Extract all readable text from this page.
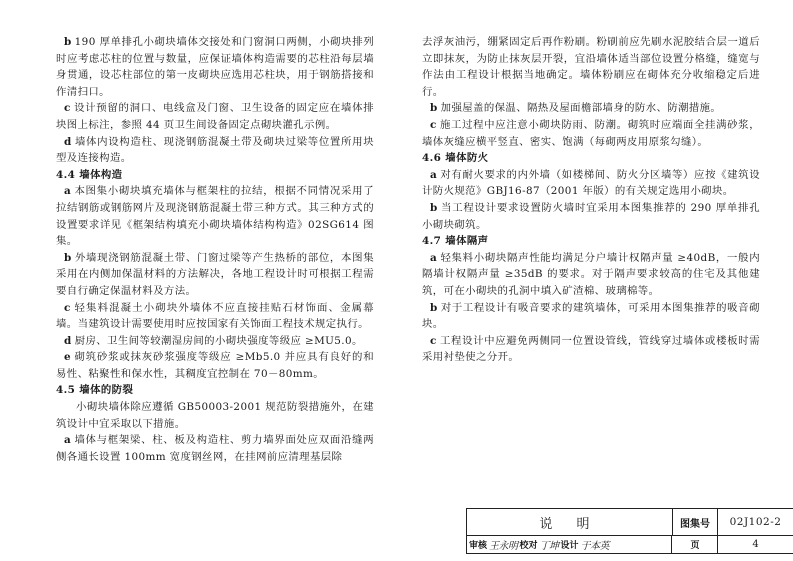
b 190 厚单排孔小砌块墙体交接处和门窗洞口两侧，小砌块排列时应考虑芯柱的位置与数量，应保证墙体构造需要的芯柱沿每层墙身贯通，设芯柱部位的第一皮砌块应选用芯柱块，用于钢筋搭接和作清扫口。

c 设计预留的洞口、电线盒及门窗、卫生设备的固定应在墙体排块图上标注，参照 44 页卫生间设备固定点砌块灌孔示例。

d 墙体内设构造柱、现浇钢筋混凝土带及砌块过梁等位置所用块型及连接构造。

4.4 墙体构造

a 本图集小砌块填充墙体与框架柱的拉结，根据不同情况采用了拉结钢筋或钢筋网片及现浇钢筋混凝土带三种方式。其三种方式的设置要求详见《框架结构填充小砌块墙体结构构造》02SG614 图集。

b 外墙现浇钢筋混凝土带、门窗过梁等产生热桥的部位，本图集采用在内侧加保温材料的方法解决，各地工程设计时可根据工程需要自行确定保温材料及方法。

c 轻集料混凝土小砌块外墙体不应直接挂贴石材饰面、金属幕墙。当建筑设计需要使用时应按国家有关饰面工程技术规定执行。

d 厨房、卫生间等较潮湿房间的小砌块强度等级应 ≥MU5.0。

e 砌筑砂浆或抹灰砂浆强度等级应 ≥Mb5.0 并应具有良好的和易性、粘聚性和保水性，其稠度宜控制在 70－80mm。

4.5 墙体的防裂

小砌块墙体除应遵循 GB50003-2001 规范防裂措施外，在建筑设计中宜采取以下措施。

a 墙体与框架梁、柱、板及构造柱、剪力墙界面处应双面沿缝两侧各通长设置 100mm 宽度钢丝网，在挂网前应清理基层除

去浮灰油污，绷紧固定后再作粉刷。粉刷前应先刷水泥胶结合层一道后立即抹灰，为防止抹灰层开裂，宜沿墙体适当部位设置分格缝，缝宽与作法由工程设计根据当地确定。墙体粉刷应在砌体充分收缩稳定后进行。

b 加强屋盖的保温、隔热及屋面檐部墙身的防水、防潮措施。

c 施工过程中应注意小砌块防雨、防潮。砌筑时应端面全挂满砂浆，墙体灰缝应横平竖直、密实、饱满（每砌两皮用原浆勾缝）。

4.6 墙体防火

a 对有耐火要求的内外墙（如楼梯间、防火分区墙等）应按《建筑设计防火规范》GBJ16-87（2001 年版）的有关规定选用小砌块。

b 当工程设计要求设置防火墙时宜采用本图集推荐的 290 厚单排孔小砌块砌筑。

4.7 墙体隔声

a 轻集料小砌块隔声性能均满足分户墙计权隔声量 ≥40dB，一般内隔墙计权隔声量 ≥35dB 的要求。对于隔声要求较高的住宅及其他建筑，可在小砌块的孔洞中填入矿渣棉、玻璃棉等。

b 对于工程设计有吸音要求的建筑墙体，可采用本图集推荐的吸音砌块。

c 工程设计中应避免两侧同一位置设管线，管线穿过墙体或楼板时需采用衬垫使之分开。

说 明	图集号	02J102-2
审核 王永明 校对 丁坤 设计 于本英	页	4
